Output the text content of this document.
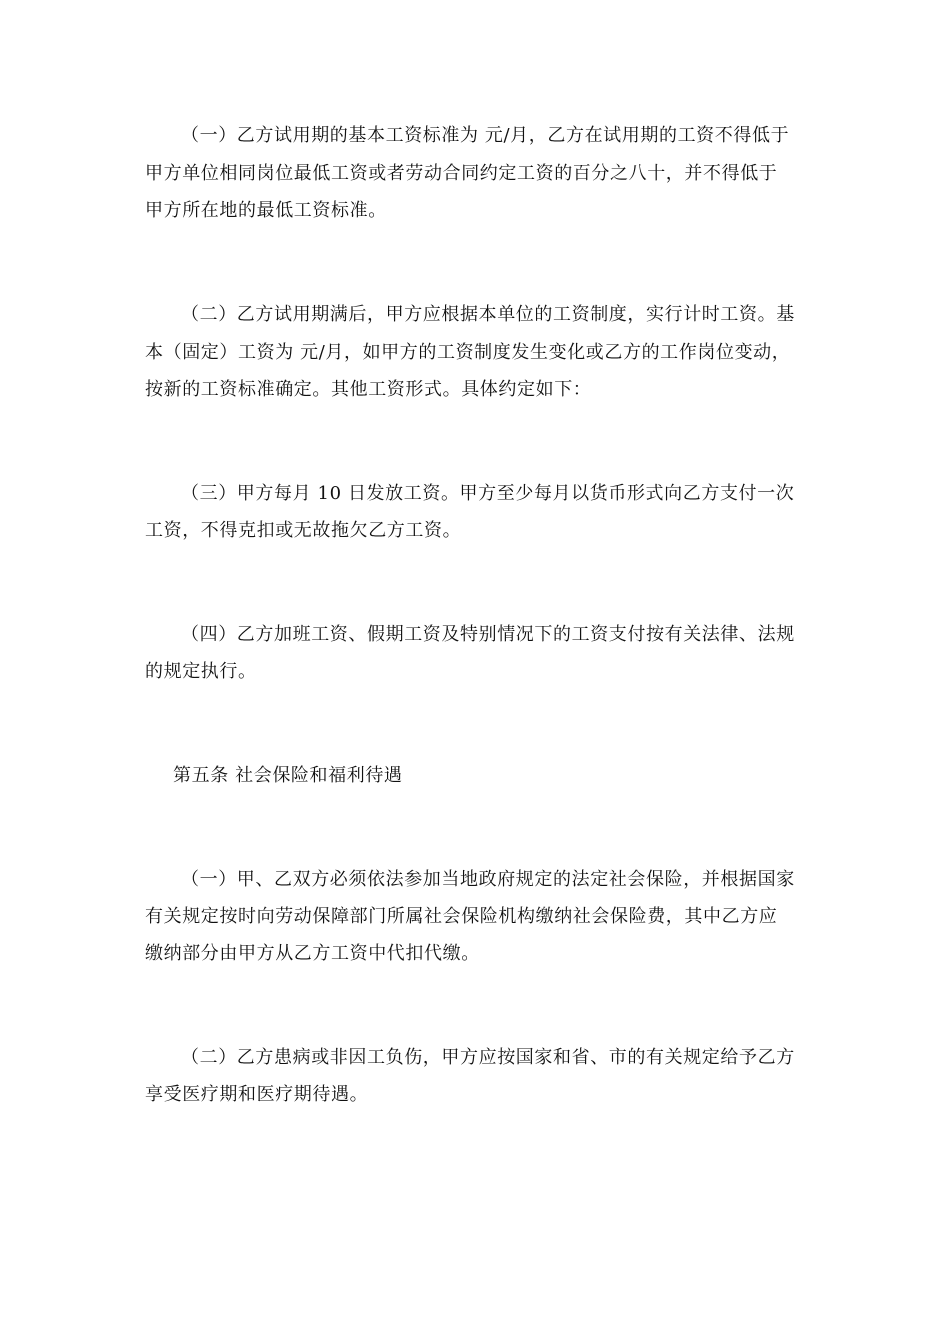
（一）乙方试用期的基本工资标准为 元/月，乙方在试用期的工资不得低于

甲方单位相同岗位最低工资或者劳动合同约定工资的百分之八十，并不得低于

甲方所在地的最低工资标准。

（二）乙方试用期满后，甲方应根据本单位的工资制度，实行计时工资。基

本（固定）工资为 元/月，如甲方的工资制度发生变化或乙方的工作岗位变动，

按新的工资标准确定。其他工资形式。具体约定如下：

（三）甲方每月 10 日发放工资。甲方至少每月以货币形式向乙方支付一次

工资，不得克扣或无故拖欠乙方工资。

（四）乙方加班工资、假期工资及特别情况下的工资支付按有关法律、法规

的规定执行。

第五条 社会保险和福利待遇

（一）甲、乙双方必须依法参加当地政府规定的法定社会保险，并根据国家

有关规定按时向劳动保障部门所属社会保险机构缴纳社会保险费，其中乙方应

缴纳部分由甲方从乙方工资中代扣代缴。

（二）乙方患病或非因工负伤，甲方应按国家和省、市的有关规定给予乙方

享受医疗期和医疗期待遇。
